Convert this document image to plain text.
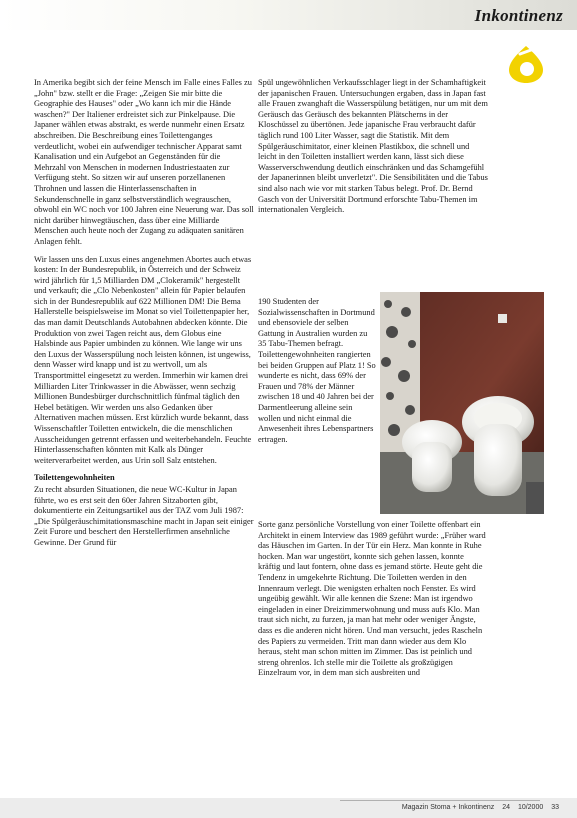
Inkontinenz

In Amerika begibt sich der feine Mensch im Falle eines Falles zu „John" bzw. stellt er die Frage: „Zeigen Sie mir bitte die Geographie des Hauses" oder „Wo kann ich mir die Hände waschen?" Der Italiener erdreistet sich zur Pinkelpause. Die Japaner wählen etwas abstrakt, es werde nunmehr einen Ersatz abschreiben. Die Beschreibung eines Toilettenganges verdeutlicht, wobei ein aufwendiger technischer Apparat samt Kanalisation und ein Aufgebot an Gegenständen für die Mehrzahl von Menschen in modernen Industriestaaten zur Verfügung steht. So sitzen wir auf unseren porzellanenen Throhnen und lassen die Hinterlassenschaften in Sekundenschnelle in ganz selbstverständlich wegrauschen, obwohl ein WC noch vor 100 Jahren eine Neuerung war. Das soll nicht darüber hinwegtäuschen, dass über eine Milliarde Menschen auch heute noch der Zugang zu adäquaten sanitären Anlagen fehlt.

Wir lassen uns den Luxus eines angenehmen Abortes auch etwas kosten: In der Bundesrepublik, in Österreich und der Schweiz wird jährlich für 1,5 Milliarden DM „Clokeramik" hergestellt und verkauft; die „Clo Nebenkosten" allein für Papier belaufen sich in der Bundesrepublik auf 622 Millionen DM! Die Bema Hallerstelle beispielsweise im Monat so viel Toilettenpapier her, das man damit Deutschlands Autobahnen abdecken könnte. Die Produktion von zwei Tagen reicht aus, dem Globus eine Halsbinde aus Papier umbinden zu können. Wie lange wir uns den Luxus der Wasserspülung noch leisten können, ist ungewiss, denn Wasser wird knapp und ist zu wertvoll, um als Transportmittel eingesetzt zu werden. Immerhin wir kamen drei Milliarden Liter Trinkwasser in die Abwässer, wenn sechzig Millionen Bundesbürger durchschnittlich fünfmal täglich den Hebel betätigen. Wir werden uns also Gedanken über Alternativen machen müssen. Erst kürzlich wurde bekannt, dass Wissenschaftler Toiletten entwickeln, die die menschlichen Ausscheidungen getrennt erfassen und weiterbehandeln. Feuchte Hinterlassenschaften könnten mit Kalk als Dünger weiterverarbeitet werden, aus Urin soll Salz entstehen.

Toilettengewohnheiten

Zu recht absurden Situationen, die neue WC-Kultur in Japan führte, wo es erst seit den 60er Jahren Sitzaborten gibt, dokumentierte ein Zeitungsartikel aus der TAZ vom Juli 1987: „Die Spülgeräuschimitationsmaschine macht in Japan seit einiger Zeit Furore und beschert den Herstellerfirmen ansehnliche Gewinne. Der Grund für

Spül ungewöhnlichen Verkaufsschlager liegt in der Schamhaftigkeit der japanischen Frauen. Untersuchungen ergaben, dass in Japan fast alle Frauen zwanghaft die Wasserspülung betätigen, nur um mit dem Geräusch das Geräusch des bekannten Plätscherns in der Kloschüssel zu übertönen. Jede japanische Frau verbraucht dafür täglich rund 100 Liter Wasser, sagt die Statistik. Mit dem Spülgeräuschimitator, einer kleinen Plastikbox, die schnell und leicht in den Toiletten installiert werden kann, lässt sich diese Wasserverschwendung deutlich einschränken und das Schamgefühl der Japanerinnen bleibt unverletzt". Die Sensibilitäten und die Tabus sind also nach wie vor mit starken Tabus belegt. Prof. Dr. Bernd Gasch von der Universität Dortmund erforschte Tabu-Themen im internationalen Vergleich.

190 Studenten der Sozialwissenschaften in Dortmund und ebensoviele der selben Gattung in Australien wurden zu 35 Tabu-Themen befragt. Toilettengewohnheiten rangierten bei beiden Gruppen auf Platz 1! So wunderte es nicht, dass 69% der Frauen und 78% der Männer zwischen 18 und 40 Jahren bei der Darmentleerung alleine sein wollen und nicht einmal die Anwesenheit ihres Lebenspartners ertragen.

Sorte ganz persönliche Vorstellung von einer Toilette offenbart ein Architekt in einem Interview das 1989 geführt wurde: „Früher ward das Häuschen im Garten. In der Tür ein Herz. Man konnte in Ruhe hocken. Man war ungestört, konnte sich gehen lassen, konnte kräftig und laut fontern, ohne dass es jemand störte. Heute geht die Tendenz in umgekehrte Richtung. Die Toiletten werden in den Innenraum verlegt. Die wenigsten erhalten noch Fenster. Es wird ungeübig gewählt. Wir alle kennen die Szene: Man ist irgendwo eingeladen in einer Dreizimmerwohnung und muss aufs Klo. Man traut sich nicht, zu furzen, ja man hat mehr oder weniger Ängste, dass es die anderen nicht hören. Und man versucht, jedes Rascheln des Papiers zu vermeiden. Tritt man dann wieder aus dem Klo heraus, steht man schon mitten im Zimmer. Das ist peinlich und streng ohrenlos. Ich stelle mir die Toilette als großzügigen Einzelraum vor, in dem man sich ausbreiten und

Magazin Stoma + Inkontinenz 24 10/2000 33
